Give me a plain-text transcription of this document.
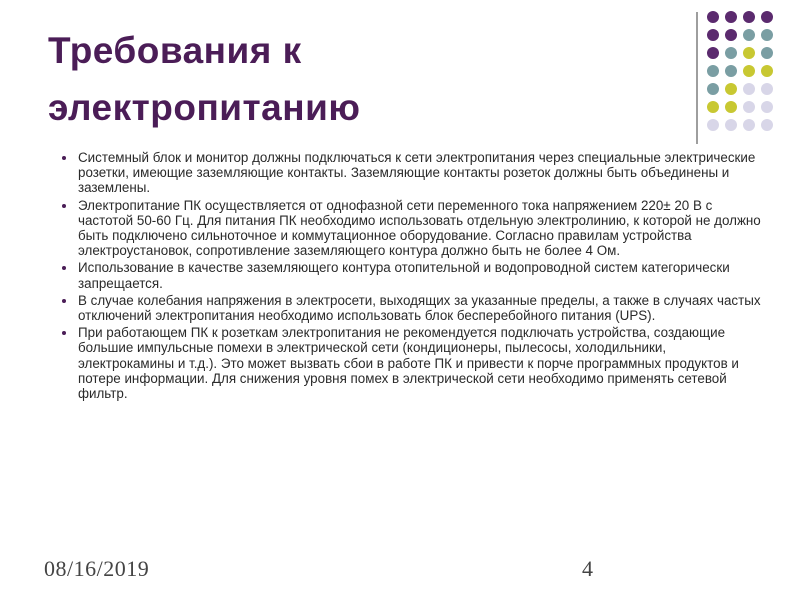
Требования к
электропитанию
Системный блок и монитор должны подключаться к сети электропитания через специальные электрические розетки, имеющие заземляющие контакты. Заземляющие контакты розеток должны быть объединены и заземлены.
Электропитание ПК осуществляется от однофазной сети переменного тока напряжением 220± 20 В с частотой 50-60 Гц. Для питания ПК необходимо использовать отдельную электролинию, к которой не должно быть подключено сильноточное и коммутационное оборудование. Согласно правилам устройства электроустановок, сопротивление заземляющего контура должно быть не более 4 Ом.
Использование в качестве заземляющего контура отопительной и водопроводной систем категорически запрещается.
В случае колебания напряжения в электросети, выходящих за указанные пределы, а также в случаях частых отключений электропитания необходимо использовать блок бесперебойного питания (UPS).
При работающем ПК к розеткам электропитания не рекомендуется подключать устройства, создающие большие импульсные помехи в электрической сети (кондиционеры, пылесосы, холодильники, электрокамины и т.д.). Это может вызвать сбои в работе ПК и привести к порче программных продуктов и потере информации. Для снижения уровня помех в электрической сети необходимо применять сетевой фильтр.
08/16/2019	4
